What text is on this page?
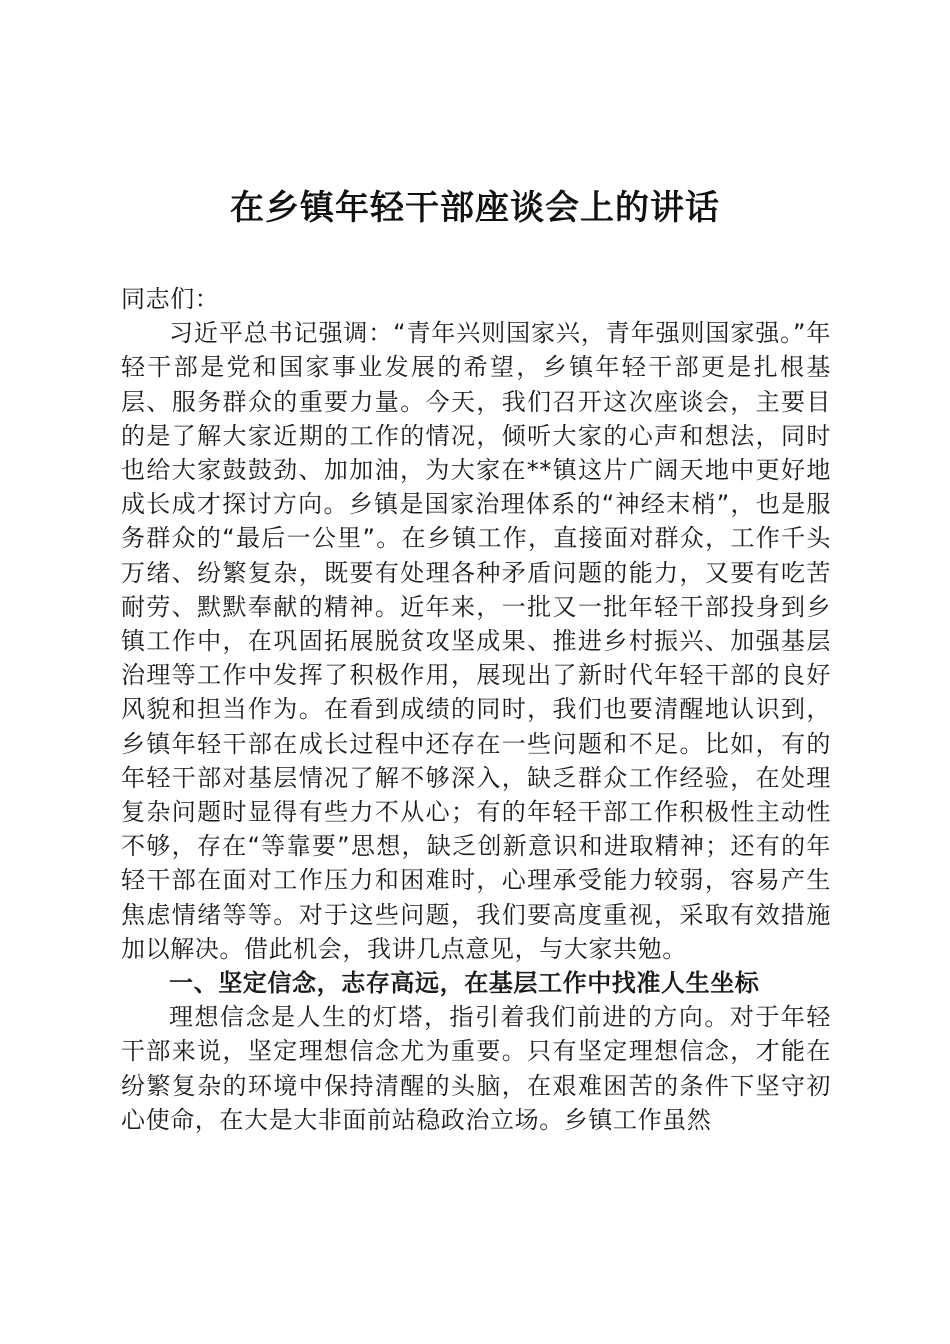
在乡镇年轻干部座谈会上的讲话

同志们：

习近平总书记强调：“青年兴则国家兴，青年强则国家强。”年轻干部是党和国家事业发展的希望，乡镇年轻干部更是扎根基层、服务群众的重要力量。今天，我们召开这次座谈会，主要目的是了解大家近期的工作的情况，倾听大家的心声和想法，同时也给大家鼓鼓劲、加加油，为大家在**镇这片广阔天地中更好地成长成才探讨方向。乡镇是国家治理体系的“神经末梢”，也是服务群众的“最后一公里”。在乡镇工作，直接面对群众，工作千头万绪、纷繁复杂，既要有处理各种矛盾问题的能力，又要有吃苦耐劳、默默奉献的精神。近年来，一批又一批年轻干部投身到乡镇工作中，在巩固拓展脱贫攻坚成果、推进乡村振兴、加强基层治理等工作中发挥了积极作用，展现出了新时代年轻干部的良好风貌和担当作为。在看到成绩的同时，我们也要清醒地认识到，乡镇年轻干部在成长过程中还存在一些问题和不足。比如，有的年轻干部对基层情况了解不够深入，缺乏群众工作经验，在处理复杂问题时显得有些力不从心；有的年轻干部工作积极性主动性不够，存在“等靠要”思想，缺乏创新意识和进取精神；还有的年轻干部在面对工作压力和困难时，心理承受能力较弱，容易产生焦虑情绪等等。对于这些问题，我们要高度重视，采取有效措施加以解决。借此机会，我讲几点意见，与大家共勉。

一、坚定信念，志存高远，在基层工作中找准人生坐标

理想信念是人生的灯塔，指引着我们前进的方向。对于年轻干部来说，坚定理想信念尤为重要。只有坚定理想信念，才能在纷繁复杂的环境中保持清醒的头脑，在艰难困苦的条件下坚守初心使命，在大是大非面前站稳政治立场。乡镇工作虽然
